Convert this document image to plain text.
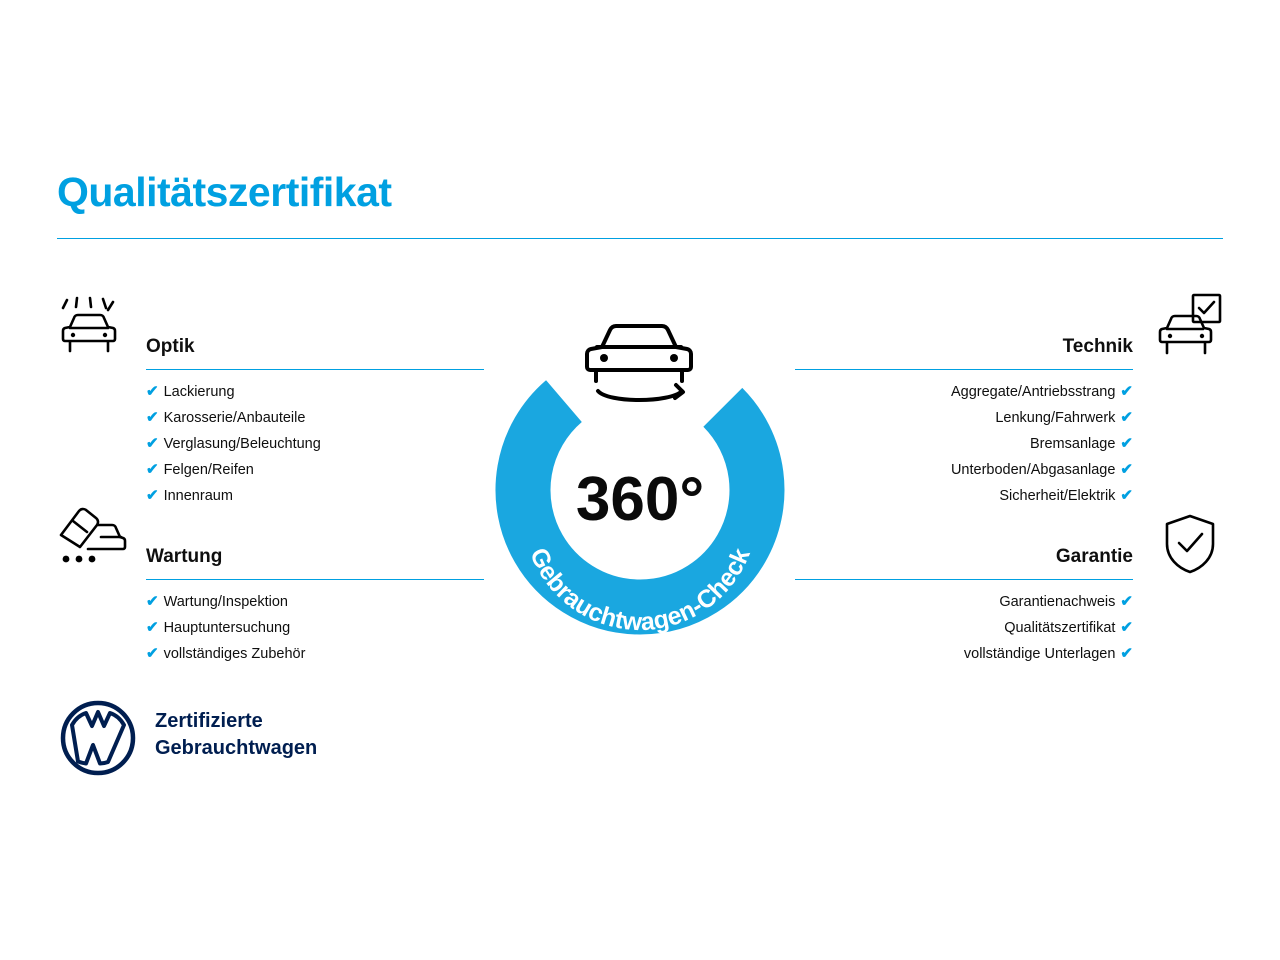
Qualitätszertifikat
Optik
✔ Lackierung
✔ Karosserie/Anbauteile
✔ Verglasung/Beleuchtung
✔ Felgen/Reifen
✔ Innenraum
Wartung
✔ Wartung/Inspektion
✔ Hauptuntersuchung
✔ vollständiges Zubehör
Technik
Aggregate/Antriebsstrang ✔
Lenkung/Fahrwerk ✔
Bremsanlage ✔
Unterboden/Abgasanlage ✔
Sicherheit/Elektrik ✔
Garantie
Garantienachweis ✔
Qualitätszertifikat ✔
vollständige Unterlagen ✔
360°
Gebrauchtwagen-Check
Zertifizierte
Gebrauchtwagen
